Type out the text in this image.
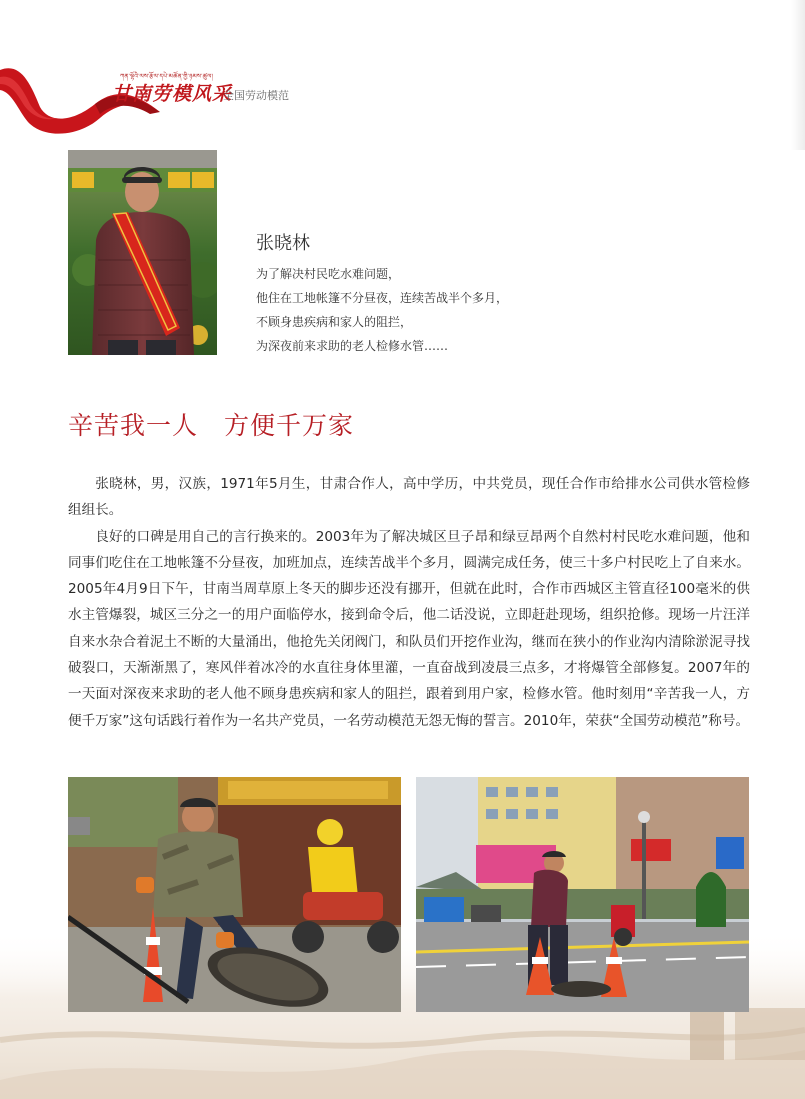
ཀན་ལྷོའི་ལས་རྩོལ་དཔེ་མཚོན་གྱི་ཉམས་ཚུལ།
甘南劳模风采
全国劳动模范
张晓林
为了解决村民吃水难问题，
他住在工地帐篷不分昼夜，连续苦战半个多月，
不顾身患疾病和家人的阻拦，
为深夜前来求助的老人检修水管……
辛苦我一人　方便千万家

张晓林，男，汉族，1971年5月生，甘肃合作人，高中学历，中共党员，现任合作市给排水公司供水管检修组组长。

良好的口碑是用自己的言行换来的。2003年为了解决城区旦子昂和绿豆昂两个自然村村民吃水难问题，他和同事们吃住在工地帐篷不分昼夜，加班加点，连续苦战半个多月，圆满完成任务，使三十多户村民吃上了自来水。2005年4月9日下午，甘南当周草原上冬天的脚步还没有挪开，但就在此时，合作市西城区主管直径100毫米的供水主管爆裂，城区三分之一的用户面临停水，接到命令后，他二话没说，立即赶赴现场，组织抢修。现场一片汪洋自来水杂合着泥土不断的大量涌出，他抢先关闭阀门，和队员们开挖作业沟，继而在狭小的作业沟内清除淤泥寻找破裂口，天渐渐黑了，寒风伴着冰冷的水直往身体里灌，一直奋战到凌晨三点多，才将爆管全部修复。2007年的一天面对深夜来求助的老人他不顾身患疾病和家人的阻拦，跟着到用户家，检修水管。他时刻用“辛苦我一人，方便千万家”这句话践行着作为一名共产党员，一名劳动模范无怨无悔的誓言。2010年，荣获“全国劳动模范”称号。
